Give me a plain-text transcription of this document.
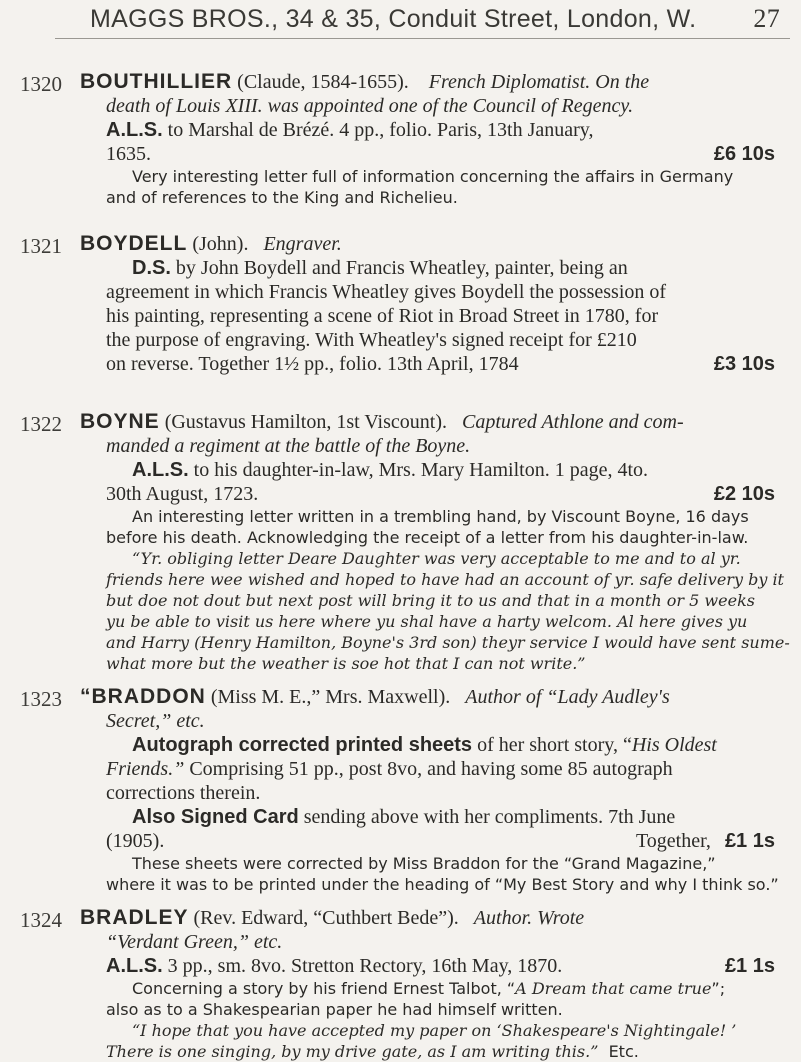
MAGGS BROS., 34 & 35, Conduit Street, London, W. 27
1320 BOUTHILLIER (Claude, 1584-1655). French Diplomatist. On the
death of Louis XIII. was appointed one of the Council of Regency.
A.L.S. to Marshal de Brézé. 4 pp., folio. Paris, 13th January,
1635.	£6 10s
Very interesting letter full of information concerning the affairs in Germany
and of references to the King and Richelieu.
1321 BOYDELL (John). Engraver.
D.S. by John Boydell and Francis Wheatley, painter, being an
agreement in which Francis Wheatley gives Boydell the possession of
his painting, representing a scene of Riot in Broad Street in 1780, for
the purpose of engraving. With Wheatley's signed receipt for £210
on reverse. Together 1½ pp., folio. 13th April, 1784	£3 10s
1322 BOYNE (Gustavus Hamilton, 1st Viscount). Captured Athlone and com-
manded a regiment at the battle of the Boyne.
A.L.S. to his daughter-in-law, Mrs. Mary Hamilton. 1 page, 4to.
30th August, 1723.	£2 10s
An interesting letter written in a trembling hand, by Viscount Boyne, 16 days
before his death. Acknowledging the receipt of a letter from his daughter-in-law.
“Yr. obliging letter Deare Daughter was very acceptable to me and to al yr.
friends here wee wished and hoped to have had an account of yr. safe delivery by it
but doe not dout but next post will bring it to us and that in a month or 5 weeks
yu be able to visit us here where yu shal have a harty welcom. Al here gives yu
and Harry (Henry Hamilton, Boyne's 3rd son) theyr service I would have sent sume-
what more but the weather is soe hot that I can not write.”
1323 “BRADDON (Miss M. E.,” Mrs. Maxwell). Author of “Lady Audley's
Secret,” etc.
Autograph corrected printed sheets of her short story, “His Oldest
Friends.” Comprising 51 pp., post 8vo, and having some 85 autograph
corrections therein.
Also Signed Card sending above with her compliments. 7th June
(1905).	£1 1s
Together,
These sheets were corrected by Miss Braddon for the “Grand Magazine,”
where it was to be printed under the heading of “My Best Story and why I think so.”
1324 BRADLEY (Rev. Edward, “Cuthbert Bede”). Author. Wrote
“Verdant Green,” etc.
A.L.S. 3 pp., sm. 8vo. Stretton Rectory, 16th May, 1870.	£1 1s
Concerning a story by his friend Ernest Talbot, “A Dream that came true”;
also as to a Shakespearian paper he had himself written.
“I hope that you have accepted my paper on ‘Shakespeare's Nightingale! ’
There is one singing, by my drive gate, as I am writing this.” Etc.
